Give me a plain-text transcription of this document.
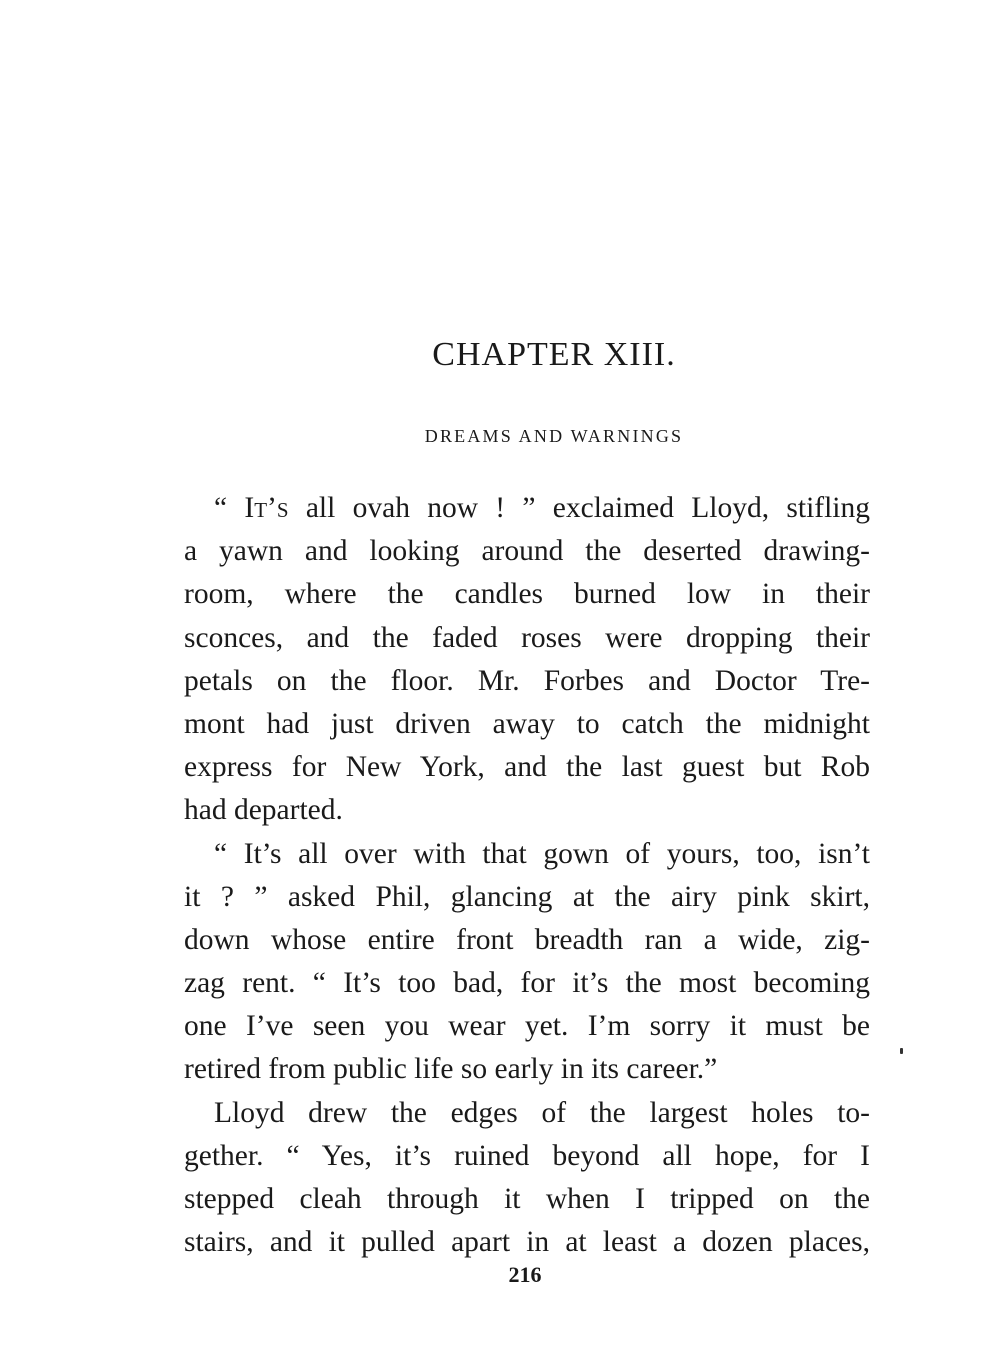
CHAPTER XIII.
DREAMS AND WARNINGS
“ It’s all ovah now ! ” exclaimed Lloyd, stifling
a yawn and looking around the deserted drawing-
room, where the candles burned low in their
sconces, and the faded roses were dropping their
petals on the floor. Mr. Forbes and Doctor Tre-
mont had just driven away to catch the midnight
express for New York, and the last guest but Rob
had departed.
“ It’s all over with that gown of yours, too, isn’t
it ? ” asked Phil, glancing at the airy pink skirt,
down whose entire front breadth ran a wide, zig-
zag rent. “ It’s too bad, for it’s the most becoming
one I’ve seen you wear yet. I’m sorry it must be
retired from public life so early in its career.”
Lloyd drew the edges of the largest holes to-
gether. “ Yes, it’s ruined beyond all hope, for I
stepped cleah through it when I tripped on the
stairs, and it pulled apart in at least a dozen places,
216
